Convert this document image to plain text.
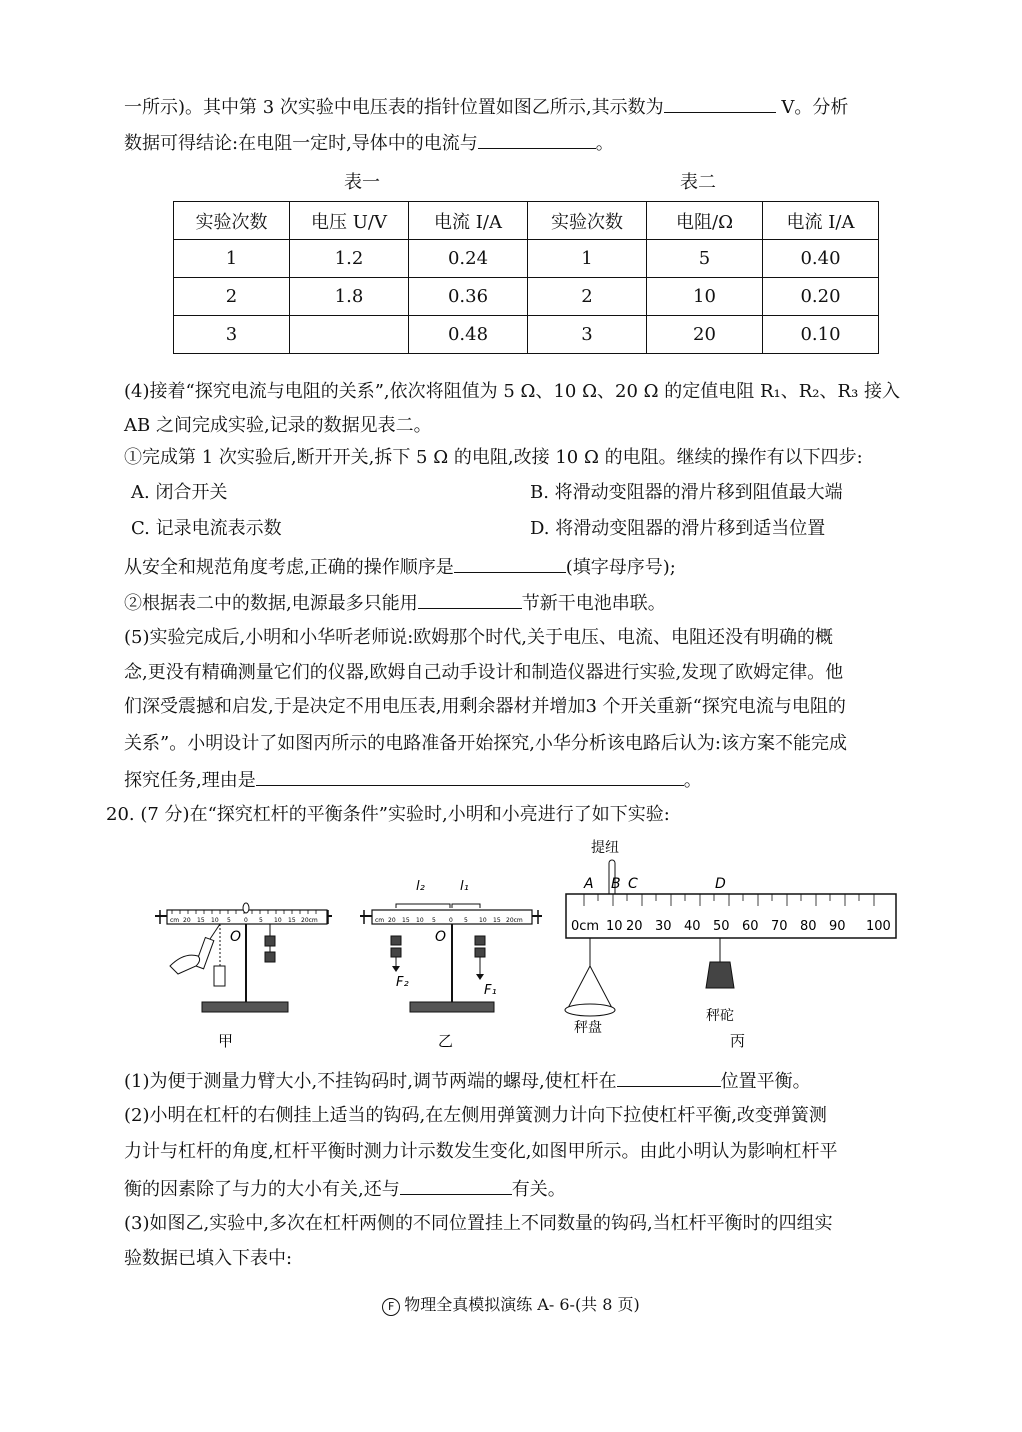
一所示)。其中第 3 次实验中电压表的指针位置如图乙所示,其示数为	V。分析
数据可得结论:在电阻一定时,导体中的电流与	。
表一	表二
实验次数	电压 U/V	电流 I/A	实验次数	电阻/Ω	电流 I/A
1	1.2	0.24	1	5	0.40
2	1.8	0.36	2	10	0.20
3		0.48	3	20	0.10
(4)接着“探究电流与电阻的关系”,依次将阻值为 5 Ω、10 Ω、20 Ω 的定值电阻 R₁、R₂、R₃ 接入
AB 之间完成实验,记录的数据见表二。
①完成第 1 次实验后,断开开关,拆下 5 Ω 的电阻,改接 10 Ω 的电阻。继续的操作有以下四步:
A. 闭合开关	B. 将滑动变阻器的滑片移到阻值最大端
C. 记录电流表示数	D. 将滑动变阻器的滑片移到适当位置
从安全和规范角度考虑,正确的操作顺序是	(填字母序号);
②根据表二中的数据,电源最多只能用	节新干电池串联。
(5)实验完成后,小明和小华听老师说:欧姆那个时代,关于电压、电流、电阻还没有明确的概
念,更没有精确测量它们的仪器,欧姆自己动手设计和制造仪器进行实验,发现了欧姆定律。他
们深受震撼和启发,于是决定不用电压表,用剩余器材并增加3 个开关重新“探究电流与电阻的
关系”。小明设计了如图丙所示的电路准备开始探究,小华分析该电路后认为:该方案不能完成
探究任务,理由是	。
20. (7 分)在“探究杠杆的平衡条件”实验时,小明和小亮进行了如下实验:
cm 20 15 10 5 0 5 10 15 20cm
O
甲
cm 20 15 10 5 0 5 10 15 20cm
l₂	l₁
O
F₂
F₁
乙
提纽
0cm 10 20 30 40 50 60 70 80 90 100
A B C	D
秤盘
秤砣
丙
(1)为便于测量力臂大小,不挂钩码时,调节两端的螺母,使杠杆在	位置平衡。
(2)小明在杠杆的右侧挂上适当的钩码,在左侧用弹簧测力计向下拉使杠杆平衡,改变弹簧测
力计与杠杆的角度,杠杆平衡时测力计示数发生变化,如图甲所示。由此小明认为影响杠杆平
衡的因素除了与力的大小有关,还与	有关。
(3)如图乙,实验中,多次在杠杆两侧的不同位置挂上不同数量的钩码,当杠杆平衡时的四组实
验数据已填入下表中:
F 物理全真模拟演练 A- 6-(共 8 页)
